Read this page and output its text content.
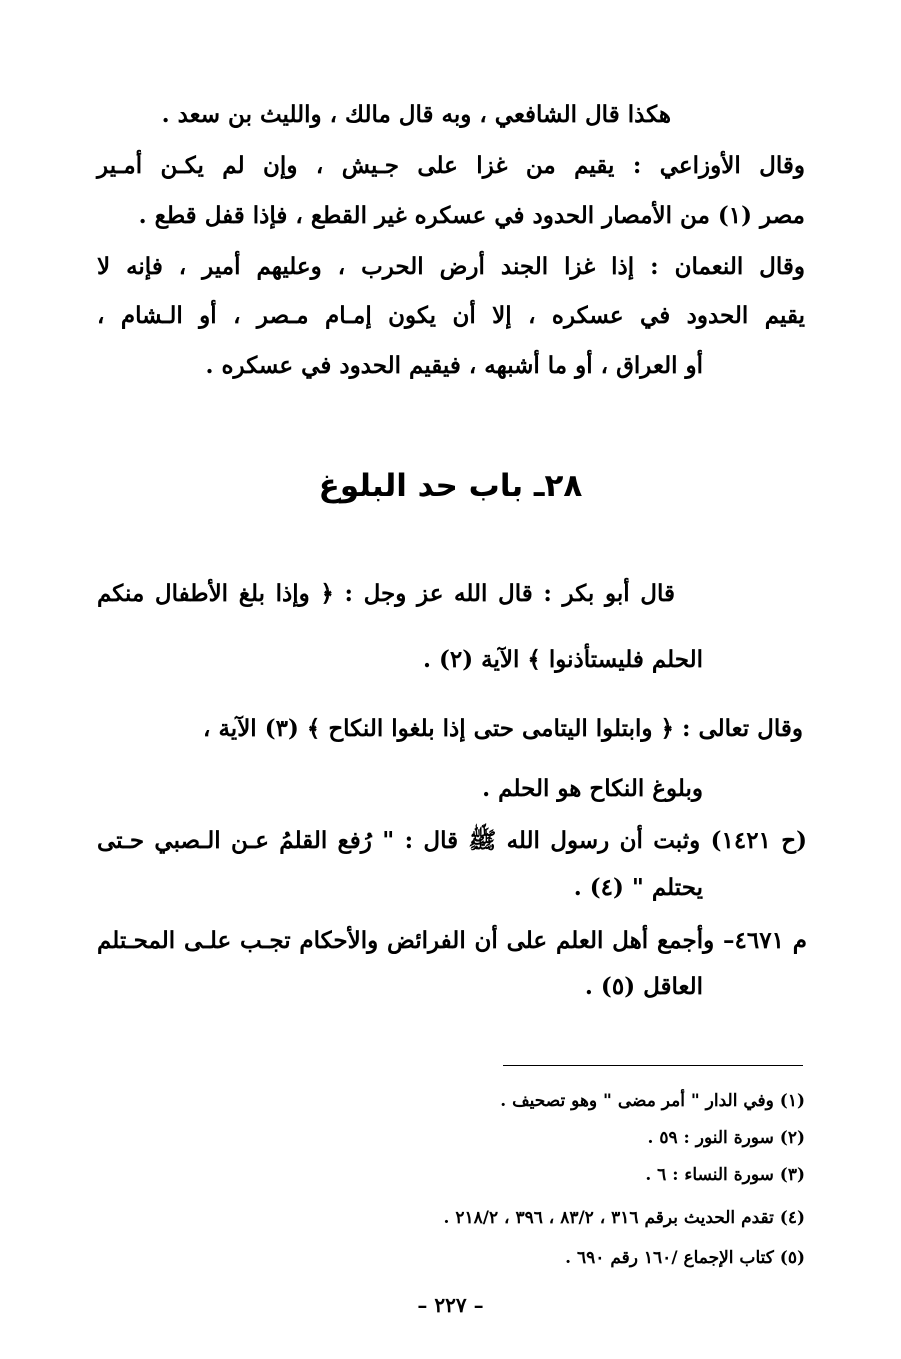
هكذا قال الشافعي ، وبه قال مالك ، والليث بن سعد .

وقال الأوزاعي : يقيم من غزا على جـيش ، وإن لم يكـن أمـير

مصر (١) من الأمصار الحدود في عسكره غير القطع ، فإذا قفل قطع .

وقال النعمان : إذا غزا الجند أرض الحرب ، وعليهم أمير ، فإنه لا

يقيم الحدود في عسكره ، إلا أن يكون إمـام مـصر ، أو الـشام ،

أو العراق ، أو ما أشبهه ، فيقيم الحدود في عسكره .

٢٨ـ باب حد البلوغ

قال أبو بكر : قال الله عز وجل : ﴿ وإذا بلغ الأطفال منكم

الحلم فليستأذنوا ﴾ الآية (٢) .

وقال تعالى : ﴿ وابتلوا اليتامى حتى إذا بلغوا النكاح ﴾ (٣) الآية ،

وبلوغ النكاح هو الحلم .

(ح ١٤٢١) وثبت أن رسول الله ﷺ قال : " رُفع القلمُ عـن الـصبي حـتى

يحتلم " (٤) .

م ٤٦٧١– وأجمع أهل العلم على أن الفرائض والأحكام تجـب علـى المحـتلم

العاقل (٥) .

(١) وفي الدار " أمر مضى " وهو تصحيف .
(٢) سورة النور : ٥٩ .
(٣) سورة النساء : ٦ .
(٤) تقدم الحديث برقم ٣١٦ ، ٨٣/٢ ، ٣٩٦ ، ٢١٨/٢ .
(٥) كتاب الإجماع /١٦٠ رقم ٦٩٠ .
– ٢٢٧ –
